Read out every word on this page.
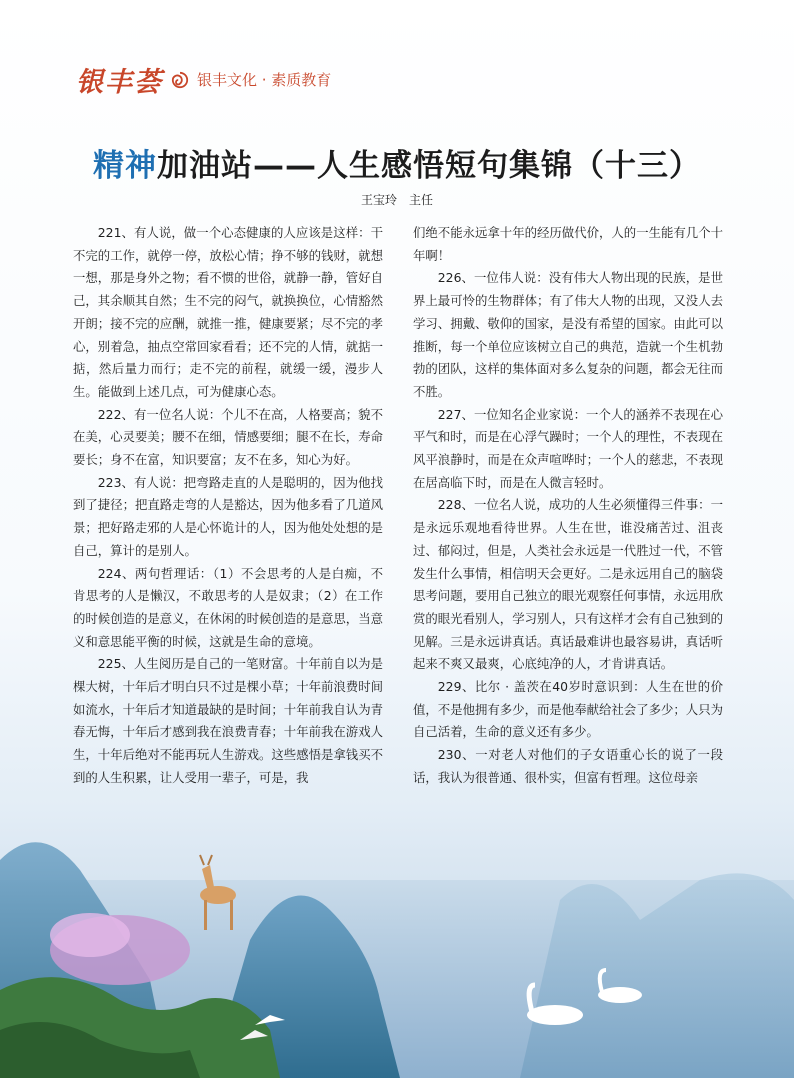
银丰荟 银丰文化 · 素质教育
精神加油站——人生感悟短句集锦（十三）
王宝玲　主任

221、有人说，做一个心态健康的人应该是这样：干不完的工作，就停一停，放松心情；挣不够的钱财，就想一想，那是身外之物；看不惯的世俗，就静一静，管好自己，其余顺其自然；生不完的闷气，就换换位，心情豁然开朗；接不完的应酬，就推一推，健康要紧；尽不完的孝心，别着急，抽点空常回家看看；还不完的人情，就掂一掂，然后量力而行；走不完的前程，就缓一缓，漫步人生。能做到上述几点，可为健康心态。

222、有一位名人说：个儿不在高，人格要高；貌不在美，心灵要美；腰不在细，情感要细；腿不在长，寿命要长；身不在富，知识要富；友不在多，知心为好。

223、有人说：把弯路走直的人是聪明的，因为他找到了捷径；把直路走弯的人是豁达，因为他多看了几道风景；把好路走邪的人是心怀诡计的人，因为他处处想的是自己，算计的是别人。

224、两句哲理话：（1）不会思考的人是白痴，不肯思考的人是懒汉，不敢思考的人是奴隶；（2）在工作的时候创造的是意义，在休闲的时候创造的是意思，当意义和意思能平衡的时候，这就是生命的意境。

225、人生阅历是自己的一笔财富。十年前自以为是棵大树，十年后才明白只不过是棵小草；十年前浪费时间如流水，十年后才知道最缺的是时间；十年前我自认为青春无悔，十年后才感到我在浪费青春；十年前我在游戏人生，十年后绝对不能再玩人生游戏。这些感悟是拿钱买不到的人生积累，让人受用一辈子，可是，我

们绝不能永远拿十年的经历做代价，人的一生能有几个十年啊！

226、一位伟人说：没有伟大人物出现的民族，是世界上最可怜的生物群体；有了伟大人物的出现，又没人去学习、拥戴、敬仰的国家，是没有希望的国家。由此可以推断，每一个单位应该树立自己的典范，造就一个生机勃勃的团队，这样的集体面对多么复杂的问题，都会无往而不胜。

227、一位知名企业家说：一个人的涵养不表现在心平气和时，而是在心浮气躁时；一个人的理性，不表现在风平浪静时，而是在众声喧哗时；一个人的慈悲，不表现在居高临下时，而是在人微言轻时。

228、一位名人说，成功的人生必须懂得三件事：一是永远乐观地看待世界。人生在世，谁没痛苦过、沮丧过、郁闷过，但是，人类社会永远是一代胜过一代，不管发生什么事情，相信明天会更好。二是永远用自己的脑袋思考问题，要用自己独立的眼光观察任何事情，永远用欣赏的眼光看别人，学习别人，只有这样才会有自己独到的见解。三是永远讲真话。真话最难讲也最容易讲，真话听起来不爽又最爽，心底纯净的人，才肯讲真话。

229、比尔 · 盖茨在40岁时意识到：人生在世的价值，不是他拥有多少，而是他奉献给社会了多少；人只为自己活着，生命的意义还有多少。

230、一对老人对他们的子女语重心长的说了一段话，我认为很普通、很朴实，但富有哲理。这位母亲
